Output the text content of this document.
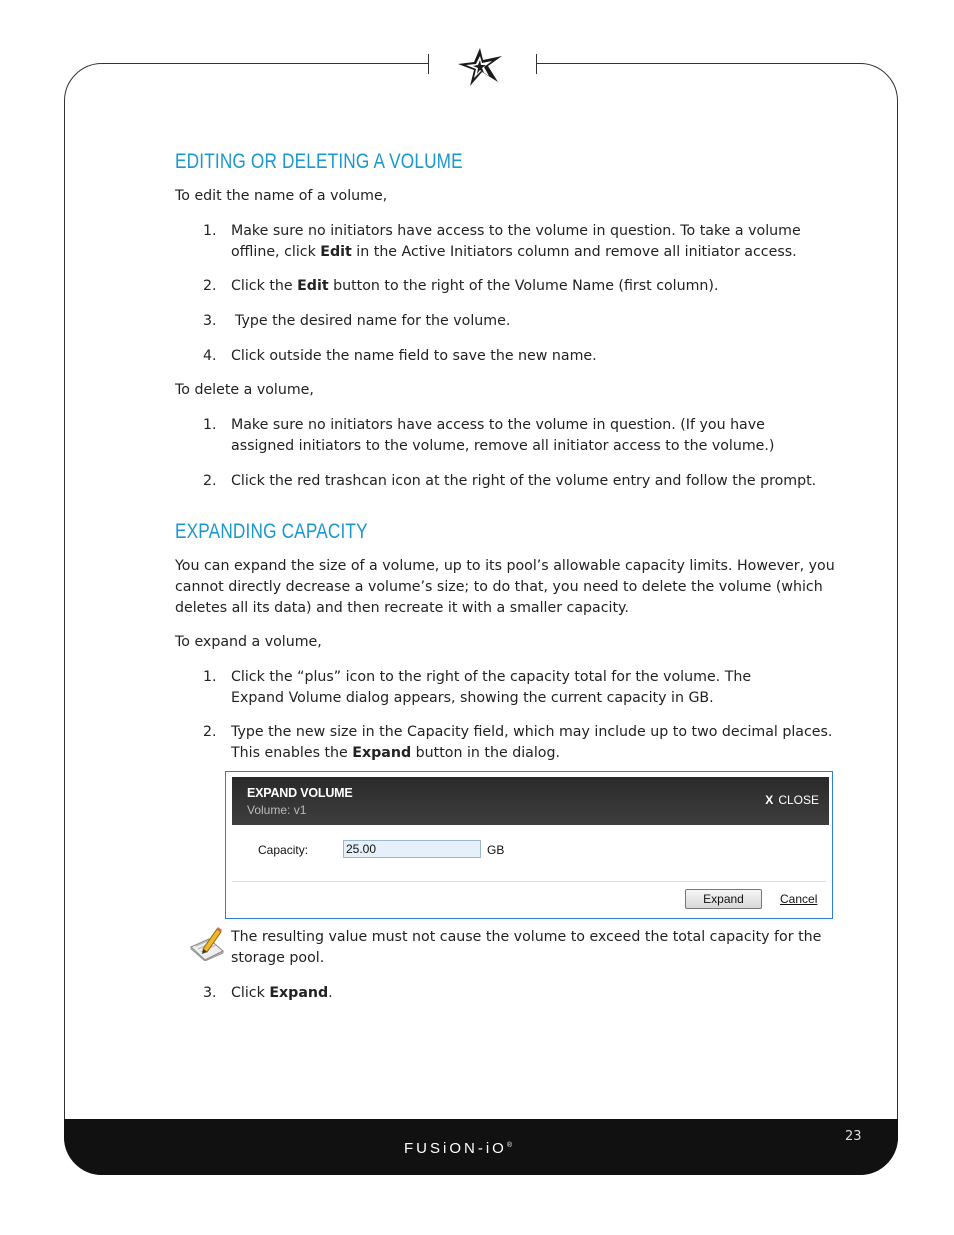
EDITING OR DELETING A VOLUME

To edit the name of a volume,

1. Make sure no initiators have access to the volume in question. To take a volume offline, click Edit in the Active Initiators column and remove all initiator access.
2. Click the Edit button to the right of the Volume Name (first column).
3. Type the desired name for the volume.
4. Click outside the name field to save the new name.

To delete a volume,

1. Make sure no initiators have access to the volume in question. (If you have assigned initiators to the volume, remove all initiator access to the volume.)
2. Click the red trashcan icon at the right of the volume entry and follow the prompt.
EXPANDING CAPACITY

You can expand the size of a volume, up to its pool’s allowable capacity limits. However, you cannot directly decrease a volume’s size; to do that, you need to delete the volume (which deletes all its data) and then recreate it with a smaller capacity.

To expand a volume,

1. Click the “plus” icon to the right of the capacity total for the volume. The Expand Volume dialog appears, showing the current capacity in GB.
2. Type the new size in the Capacity field, which may include up to two decimal places. This enables the Expand button in the dialog.
EXPAND VOLUME
Volume: v1
X CLOSE
Capacity:
25.00	GB
Expand	Cancel
The resulting value must not cause the volume to exceed the total capacity for the storage pool.
3. Click Expand.
23
FUSiON-iO®
